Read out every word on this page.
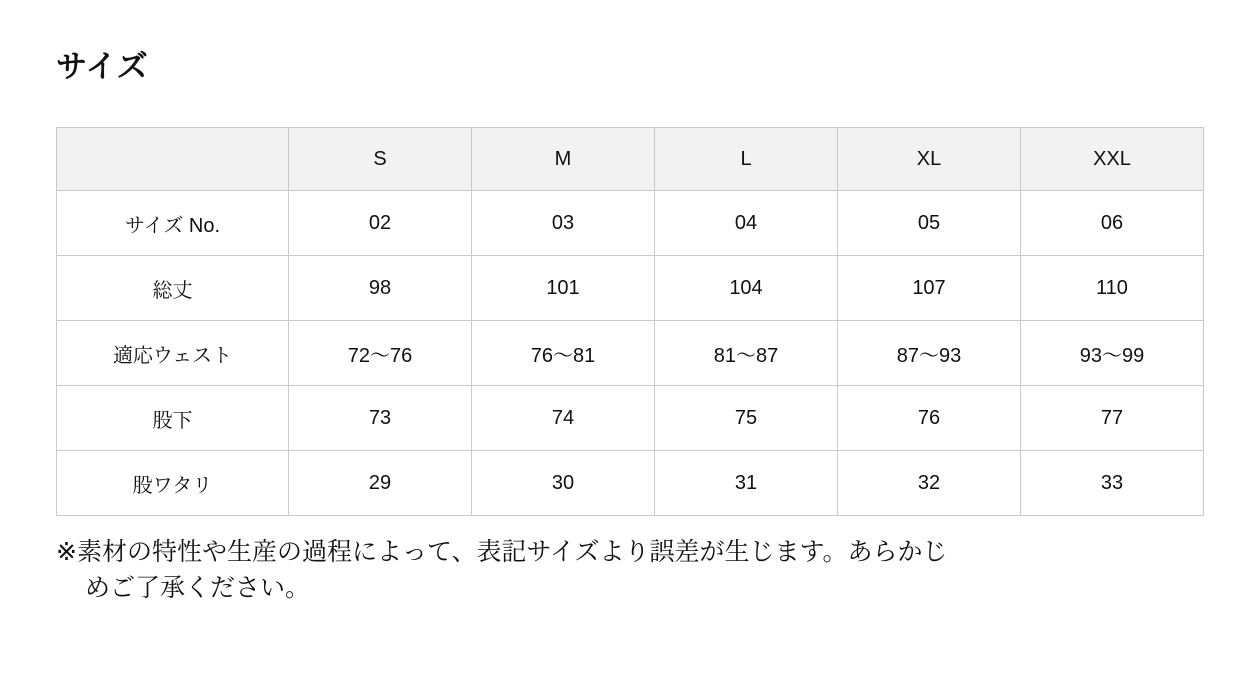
サイズ
	S	M	L	XL	XXL
サイズ No.	02	03	04	05	06
総丈	98	101	104	107	110
適応ウェスト	72〜76	76〜81	81〜87	87〜93	93〜99
股下	73	74	75	76	77
股ワタリ	29	30	31	32	33

※素材の特性や生産の過程によって、表記サイズより誤差が生じます。あらかじ
めご了承ください。
